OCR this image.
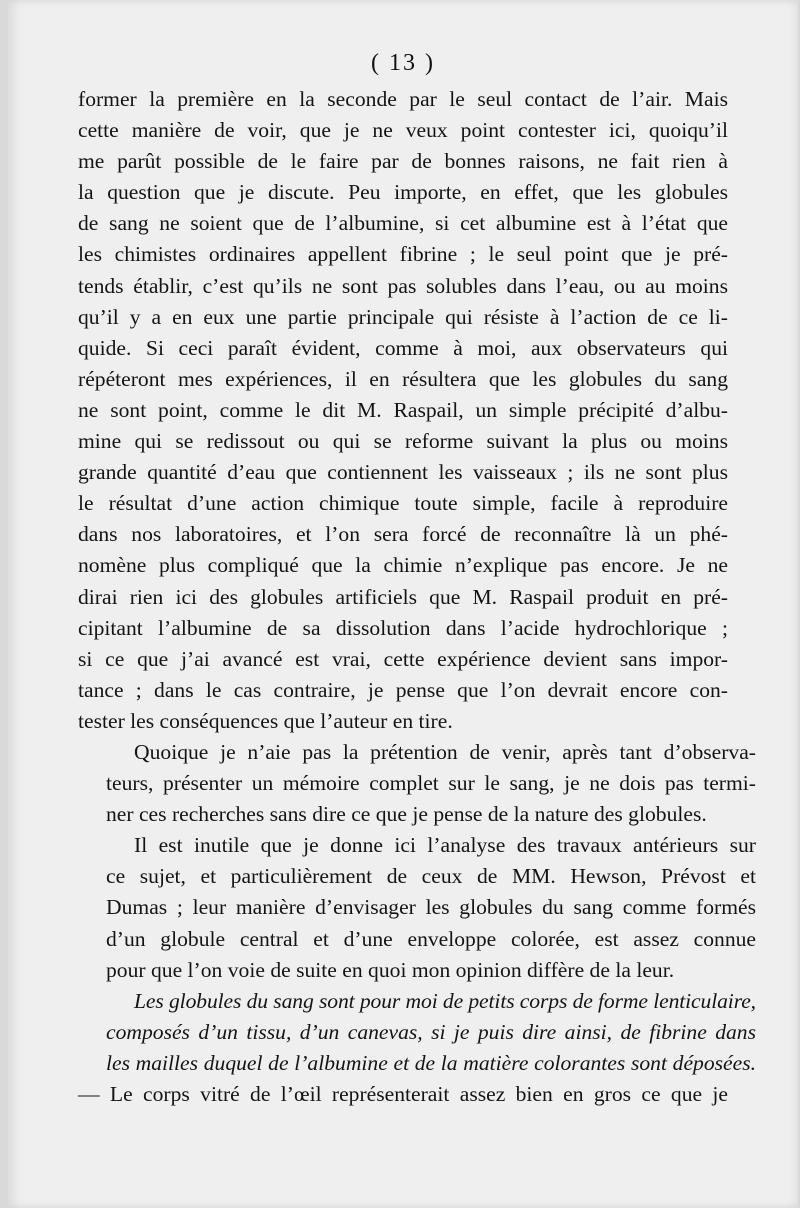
( 13 )

former la première en la seconde par le seul contact de l’air. Mais
cette manière de voir, que je ne veux point contester ici, quoiqu’il
me parût possible de le faire par de bonnes raisons, ne fait rien à
la question que je discute. Peu importe, en effet, que les globules
de sang ne soient que de l’albumine, si cet albumine est à l’état que
les chimistes ordinaires appellent fibrine ; le seul point que je pré-
tends établir, c’est qu’ils ne sont pas solubles dans l’eau, ou au moins
qu’il y a en eux une partie principale qui résiste à l’action de ce li-
quide. Si ceci paraît évident, comme à moi, aux observateurs qui
répéteront mes expériences, il en résultera que les globules du sang
ne sont point, comme le dit M. Raspail, un simple précipité d’albu-
mine qui se redissout ou qui se reforme suivant la plus ou moins
grande quantité d’eau que contiennent les vaisseaux ; ils ne sont plus
le résultat d’une action chimique toute simple, facile à reproduire
dans nos laboratoires, et l’on sera forcé de reconnaître là un phé-
nomène plus compliqué que la chimie n’explique pas encore. Je ne
dirai rien ici des globules artificiels que M. Raspail produit en pré-
cipitant l’albumine de sa dissolution dans l’acide hydrochlorique ;
si ce que j’ai avancé est vrai, cette expérience devient sans impor-
tance ; dans le cas contraire, je pense que l’on devrait encore con-
tester les conséquences que l’auteur en tire.

Quoique je n’aie pas la prétention de venir, après tant d’observa-
teurs, présenter un mémoire complet sur le sang, je ne dois pas termi-
ner ces recherches sans dire ce que je pense de la nature des globules.

Il est inutile que je donne ici l’analyse des travaux antérieurs sur
ce sujet, et particulièrement de ceux de MM. Hewson, Prévost et
Dumas ; leur manière d’envisager les globules du sang comme formés
d’un globule central et d’une enveloppe colorée, est assez connue
pour que l’on voie de suite en quoi mon opinion diffère de la leur.

Les globules du sang sont pour moi de petits corps de forme lenticulaire,
composés d’un tissu, d’un canevas, si je puis dire ainsi, de fibrine dans
les mailles duquel de l’albumine et de la matière colorantes sont déposées.

— Le corps vitré de l’œil représenterait assez bien en gros ce que je
